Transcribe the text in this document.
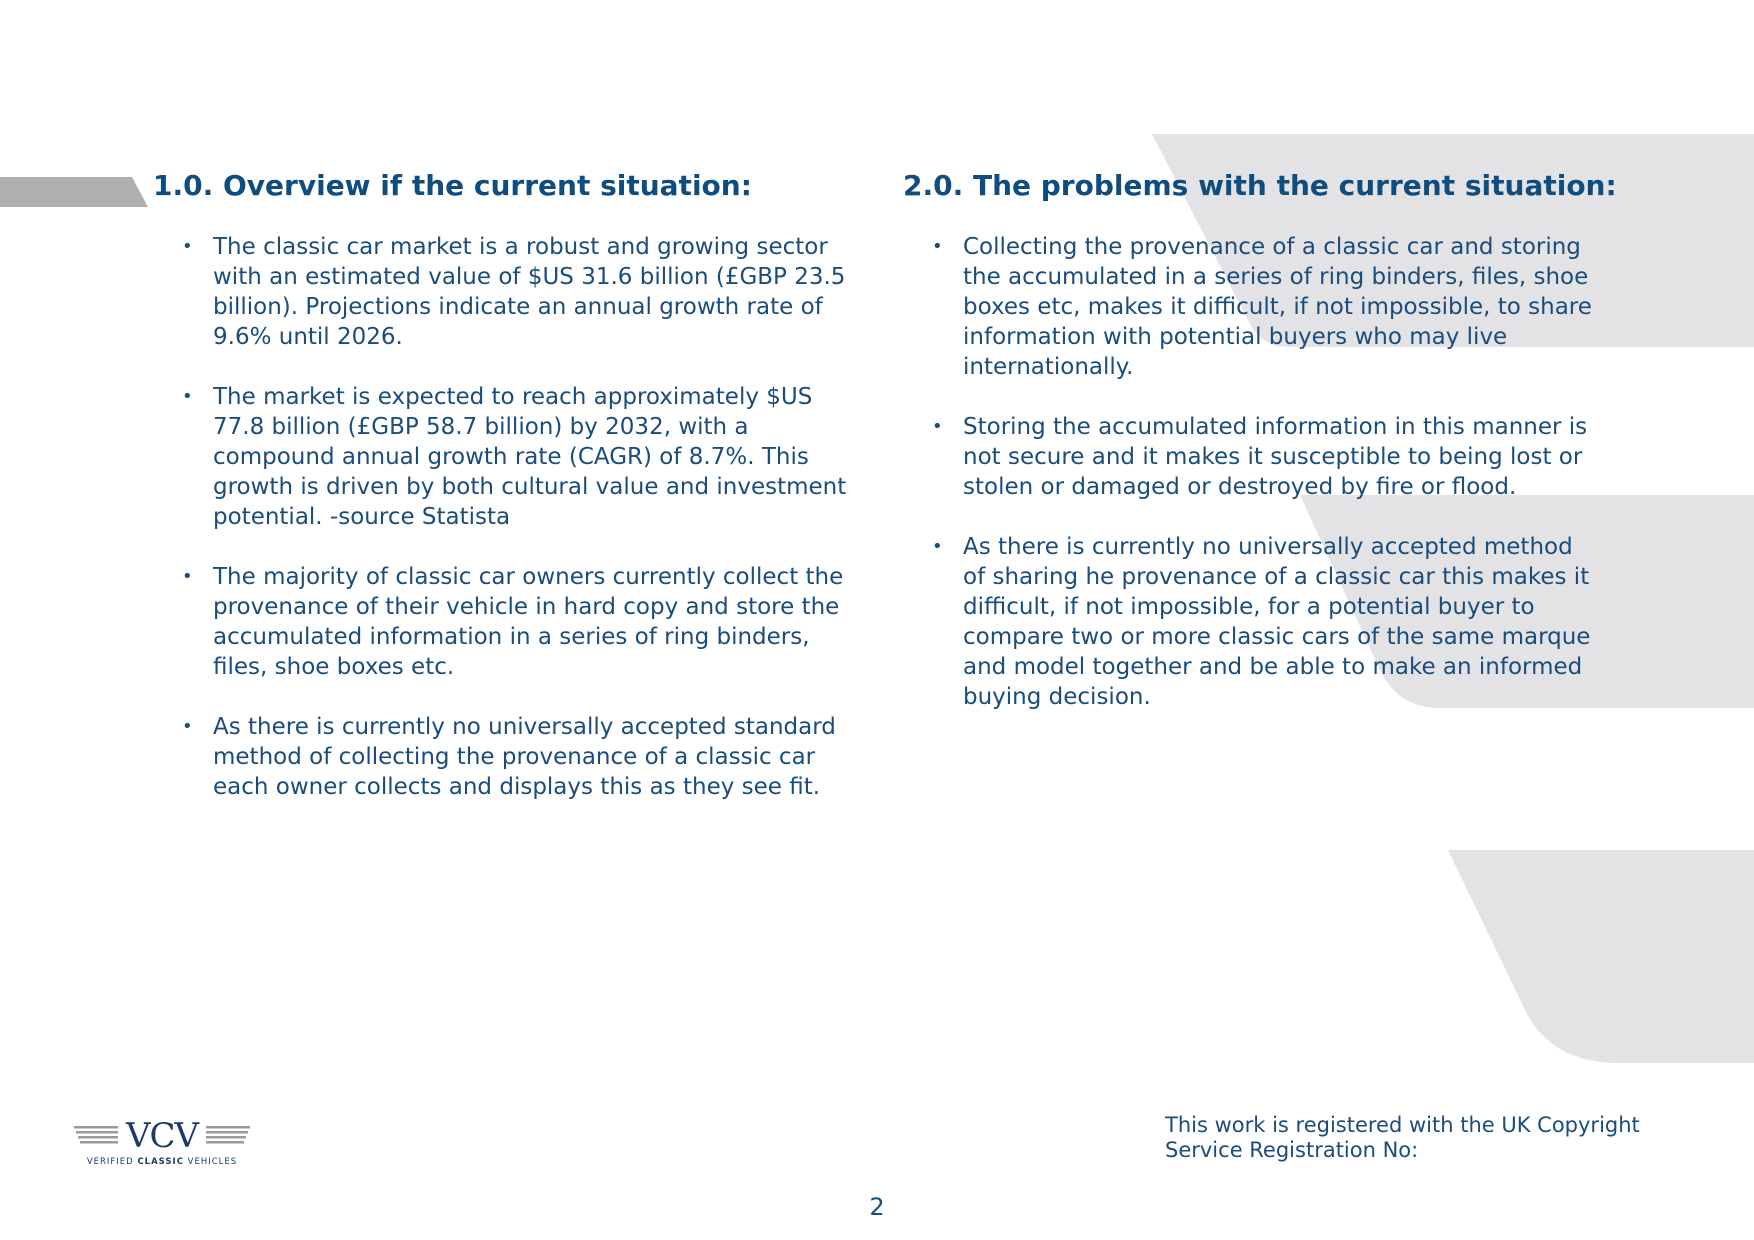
1.0. Overview if the current situation:
• The classic car market is a robust and growing sector
with an estimated value of $US 31.6 billion (£GBP 23.5
billion). Projections indicate an annual growth rate of
9.6% until 2026.
• The market is expected to reach approximately $US
77.8 billion (£GBP 58.7 billion) by 2032, with a
compound annual growth rate (CAGR) of 8.7%. This
growth is driven by both cultural value and investment
potential. -source Statista
• The majority of classic car owners currently collect the
provenance of their vehicle in hard copy and store the
accumulated information in a series of ring binders,
files, shoe boxes etc.
• As there is currently no universally accepted standard
method of collecting the provenance of a classic car
each owner collects and displays this as they see fit.
2.0. The problems with the current situation:
• Collecting the provenance of a classic car and storing
the accumulated in a series of ring binders, files, shoe
boxes etc, makes it difficult, if not impossible, to share
information with potential buyers who may live
internationally.
• Storing the accumulated information in this manner is
not secure and it makes it susceptible to being lost or
stolen or damaged or destroyed by fire or flood.
• As there is currently no universally accepted method
of sharing he provenance of a classic car this makes it
difficult, if not impossible, for a potential buyer to
compare two or more classic cars of the same marque
and model together and be able to make an informed
buying decision.
VCV
VERIFIED CLASSIC VEHICLES
This work is registered with the UK Copyright
Service Registration No:
2
